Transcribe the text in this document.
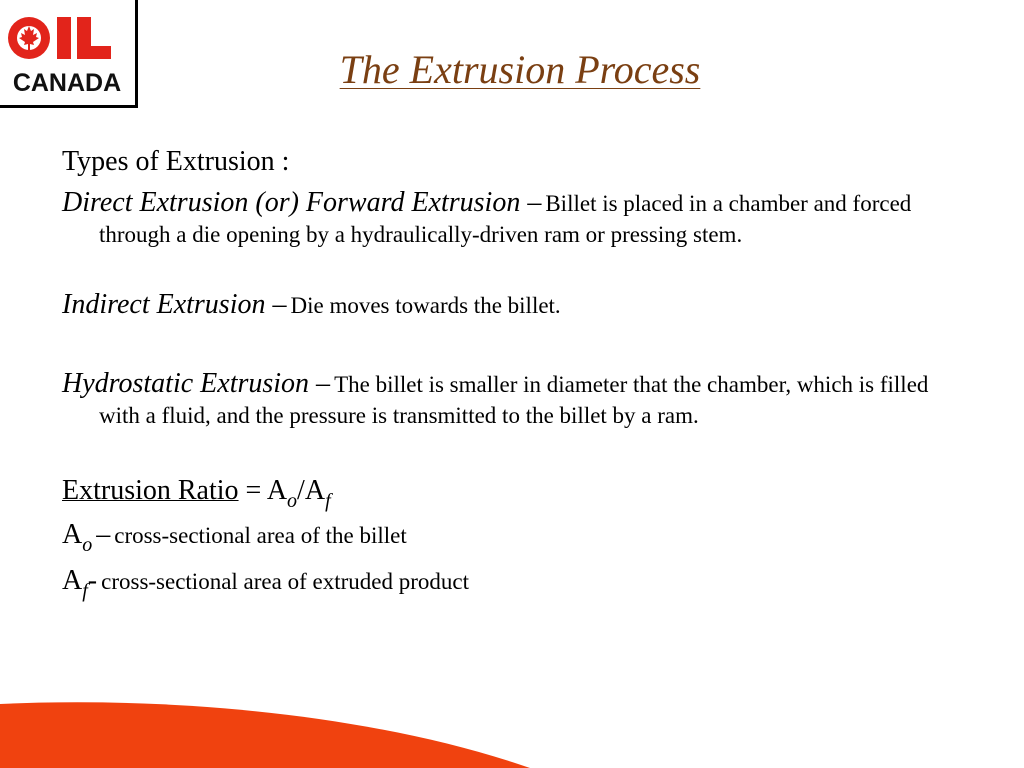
CANADA	The Extrusion Process

Types of Extrusion :

Direct Extrusion (or) Forward Extrusion – Billet is placed in a chamber and forced through a die opening by a hydraulically-driven ram or pressing stem.

Indirect Extrusion – Die moves towards the billet.

Hydrostatic Extrusion – The billet is smaller in diameter that the chamber, which is filled with a fluid, and the pressure is transmitted to the billet by a ram.

Extrusion Ratio = $A_o/A_f$

Ao – cross-sectional area of the billet

Af- cross-sectional area of extruded product
